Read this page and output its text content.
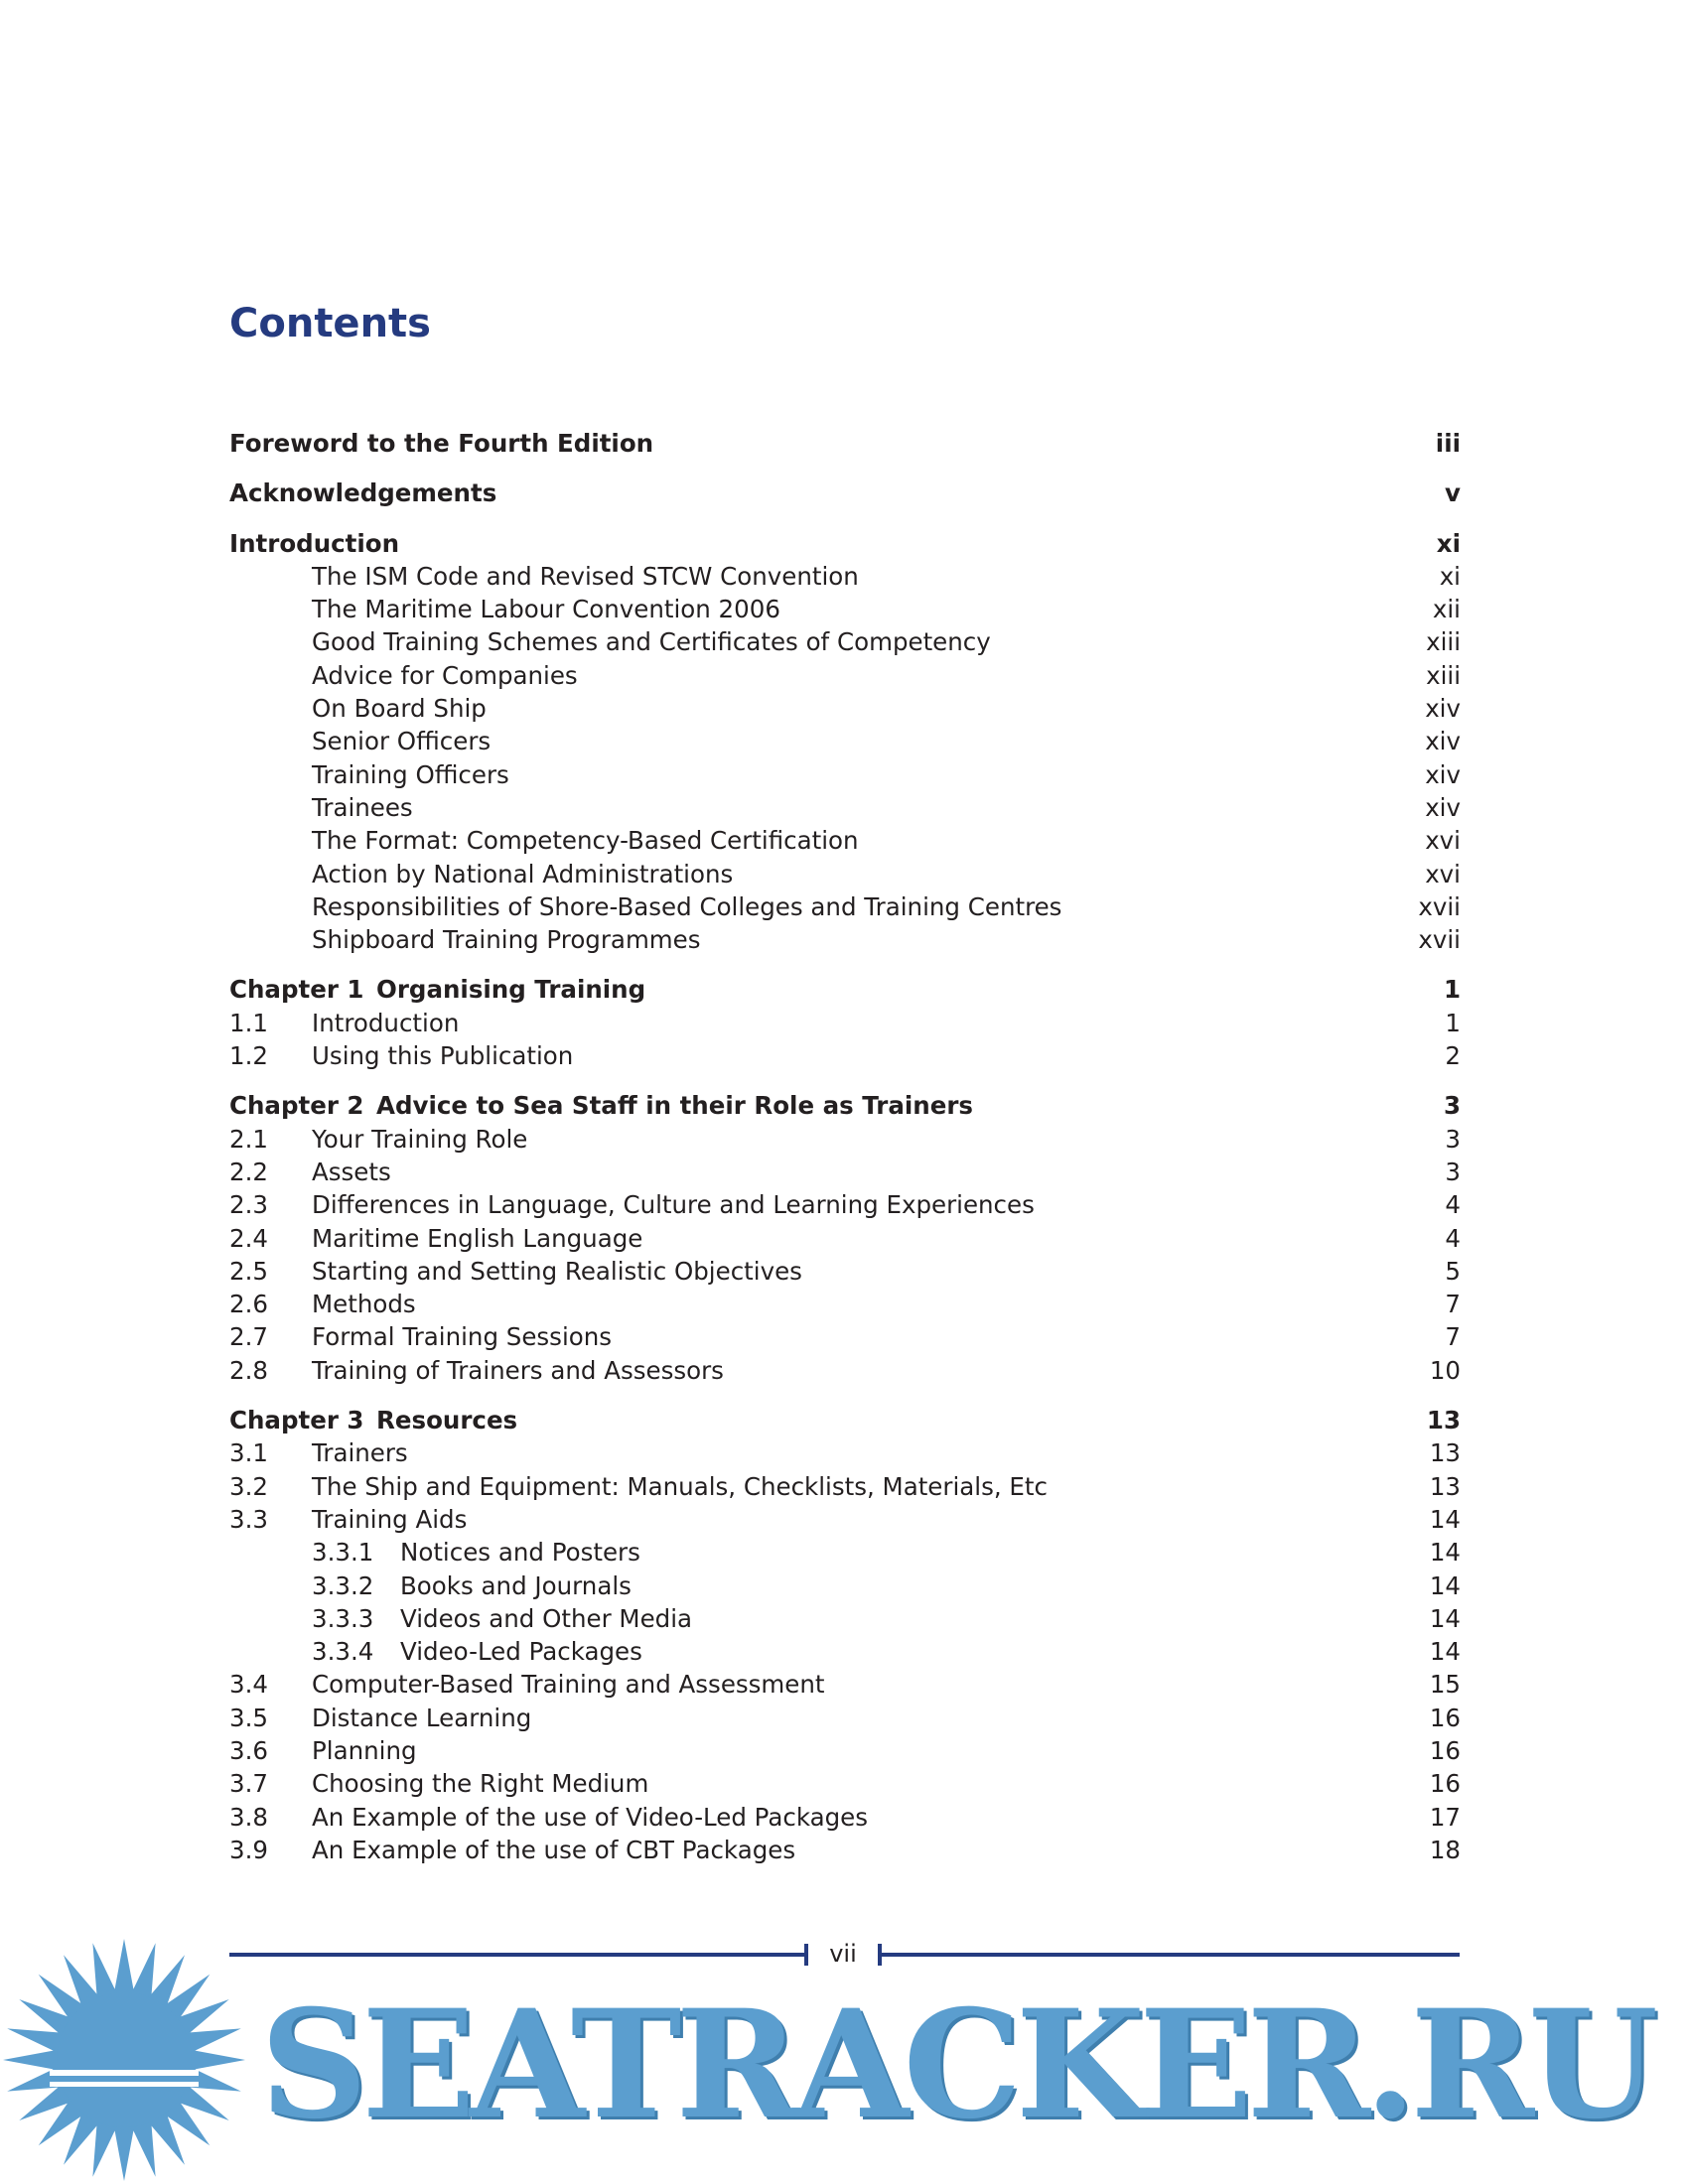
Contents
Foreword to the Fourth Edition	iii
Acknowledgements	v
Introduction	xi
The ISM Code and Revised STCW Convention	xi
The Maritime Labour Convention 2006	xii
Good Training Schemes and Certificates of Competency	xiii
Advice for Companies	xiii
On Board Ship	xiv
Senior Officers	xiv
Training Officers	xiv
Trainees	xiv
The Format: Competency-Based Certification	xvi
Action by National Administrations	xvi
Responsibilities of Shore-Based Colleges and Training Centres	xvii
Shipboard Training Programmes	xvii
Chapter 1 Organising Training	1
1.1 Introduction	1
1.2 Using this Publication	2
Chapter 2 Advice to Sea Staff in their Role as Trainers	3
2.1 Your Training Role	3
2.2 Assets	3
2.3 Differences in Language, Culture and Learning Experiences	4
2.4 Maritime English Language	4
2.5 Starting and Setting Realistic Objectives	5
2.6 Methods	7
2.7 Formal Training Sessions	7
2.8 Training of Trainers and Assessors	10
Chapter 3 Resources	13
3.1 Trainers	13
3.2 The Ship and Equipment: Manuals, Checklists, Materials, Etc	13
3.3 Training Aids	14
3.3.1 Notices and Posters	14
3.3.2 Books and Journals	14
3.3.3 Videos and Other Media	14
3.3.4 Video-Led Packages	14
3.4 Computer-Based Training and Assessment	15
3.5 Distance Learning	16
3.6 Planning	16
3.7 Choosing the Right Medium	16
3.8 An Example of the use of Video-Led Packages	17
3.9 An Example of the use of CBT Packages	18
vii
SEATRACKER.RU
